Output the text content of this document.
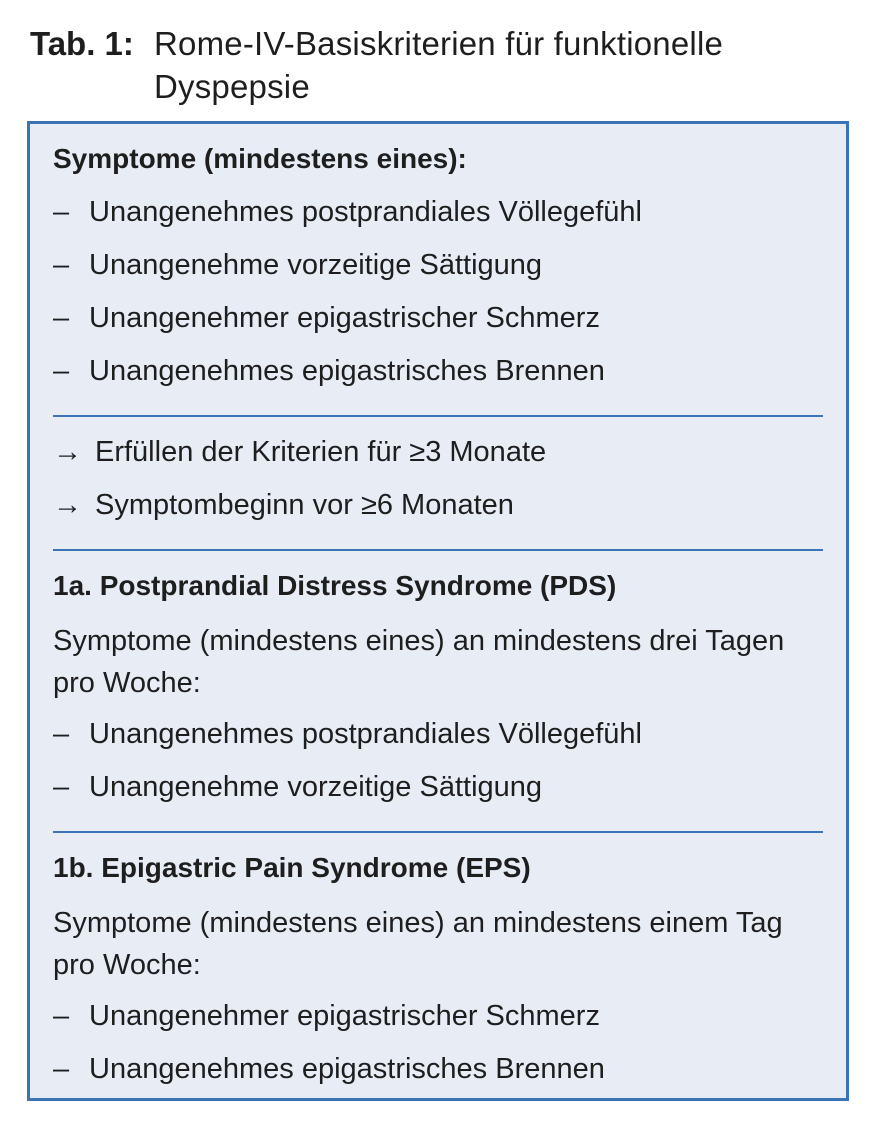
Tab. 1: Rome-IV-Basiskriterien für funktionelle Dyspepsie
Symptome (mindestens eines):
– Unangenehmes postprandiales Völlegefühl
– Unangenehme vorzeitige Sättigung
– Unangenehmer epigastrischer Schmerz
– Unangenehmes epigastrisches Brennen
→ Erfüllen der Kriterien für ≥3 Monate
→ Symptombeginn vor ≥6 Monaten
1a. Postprandial Distress Syndrome (PDS)
Symptome (mindestens eines) an mindestens drei Tagen pro Woche:
– Unangenehmes postprandiales Völlegefühl
– Unangenehme vorzeitige Sättigung
1b. Epigastric Pain Syndrome (EPS)
Symptome (mindestens eines) an mindestens einem Tag pro Woche:
– Unangenehmer epigastrischer Schmerz
– Unangenehmes epigastrisches Brennen
